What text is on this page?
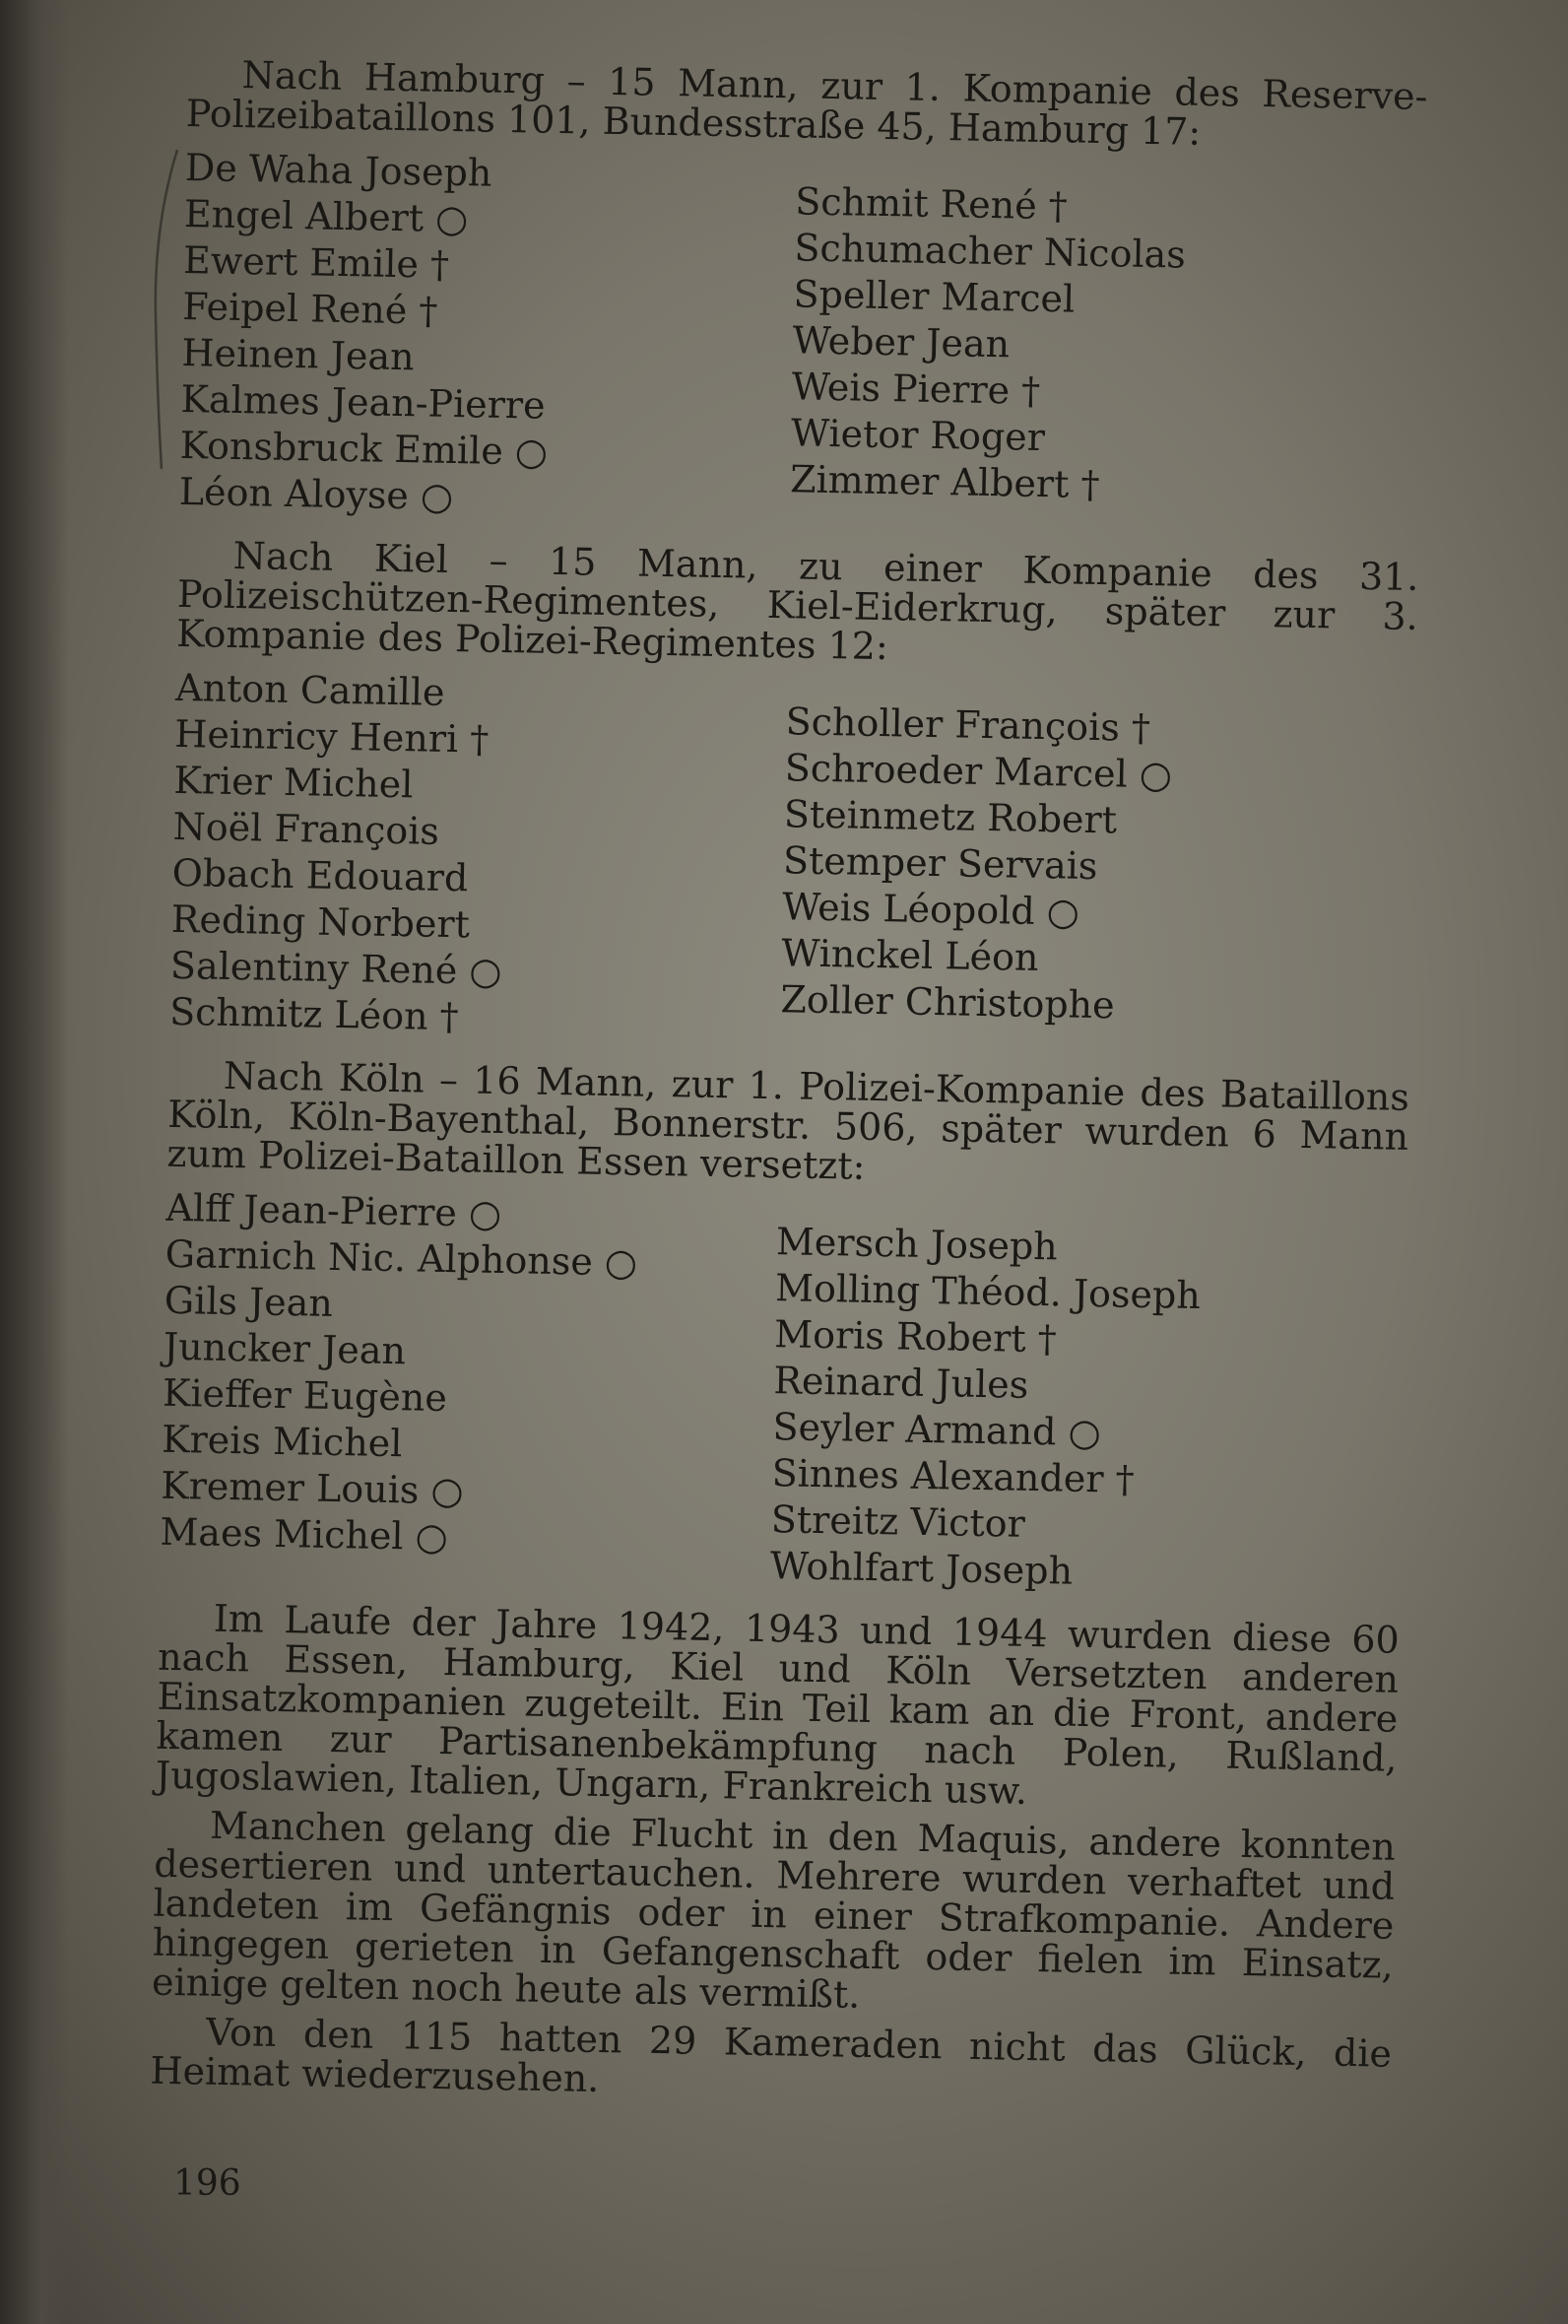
Nach Hamburg – 15 Mann, zur 1. Kompanie des Reserve-Polizeibataillons 101, Bundesstraße 45, Hamburg 17:

De Waha Joseph
Engel Albert ○
Ewert Emile †
Feipel René †
Heinen Jean
Kalmes Jean-Pierre
Konsbruck Emile ○
Léon Aloyse ○
Schmit René †
Schumacher Nicolas
Speller Marcel
Weber Jean
Weis Pierre †
Wietor Roger
Zimmer Albert †

Nach Kiel – 15 Mann, zu einer Kompanie des 31. Polizeischützen-Regimentes, Kiel-Eiderkrug, später zur 3. Kompanie des Polizei-Regimentes 12:

Anton Camille
Heinricy Henri †
Krier Michel
Noël François
Obach Edouard
Reding Norbert
Salentiny René ○
Schmitz Léon †
Scholler François †
Schroeder Marcel ○
Steinmetz Robert
Stemper Servais
Weis Léopold ○
Winckel Léon
Zoller Christophe

Nach Köln – 16 Mann, zur 1. Polizei-Kompanie des Bataillons Köln, Köln-Bayenthal, Bonnerstr. 506, später wurden 6 Mann zum Polizei-Bataillon Essen versetzt:

Alff Jean-Pierre ○
Garnich Nic. Alphonse ○
Gils Jean
Juncker Jean
Kieffer Eugène
Kreis Michel
Kremer Louis ○
Maes Michel ○
Mersch Joseph
Molling Théod. Joseph
Moris Robert †
Reinard Jules
Seyler Armand ○
Sinnes Alexander †
Streitz Victor
Wohlfart Joseph

Im Laufe der Jahre 1942, 1943 und 1944 wurden diese 60 nach Essen, Hamburg, Kiel und Köln Versetzten anderen Einsatzkompanien zugeteilt. Ein Teil kam an die Front, andere kamen zur Partisanenbekämpfung nach Polen, Rußland, Jugoslawien, Italien, Ungarn, Frankreich usw.

Manchen gelang die Flucht in den Maquis, andere konnten desertieren und untertauchen. Mehrere wurden verhaftet und landeten im Gefängnis oder in einer Strafkompanie. Andere hingegen gerieten in Gefangenschaft oder fielen im Einsatz, einige gelten noch heute als vermißt.

Von den 115 hatten 29 Kameraden nicht das Glück, die Heimat wiederzusehen.

196
